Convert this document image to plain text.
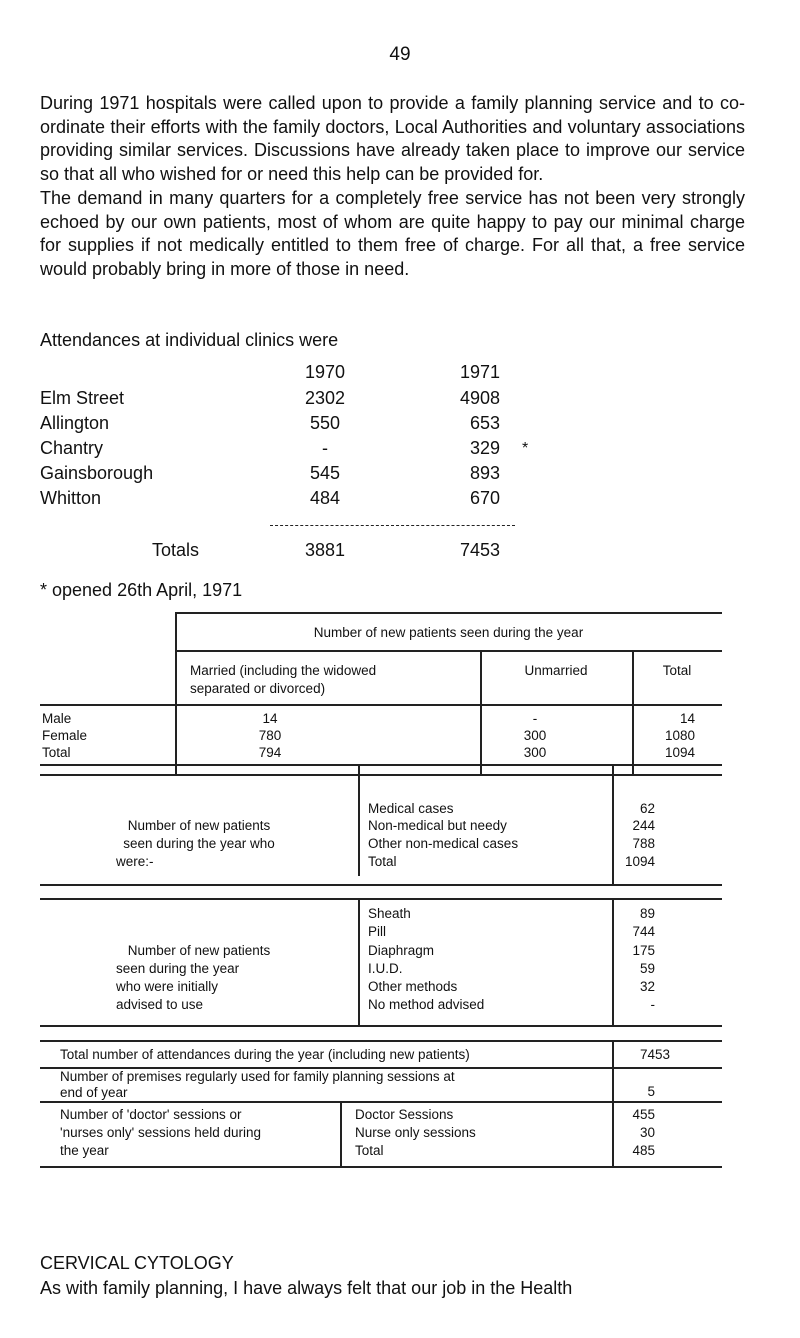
49

During 1971 hospitals were called upon to provide a family planning service and to co-ordinate their efforts with the family doctors, Local Authorities and voluntary associations providing similar services. Discussions have already taken place to improve our service so that all who wished for or need this help can be provided for.

The demand in many quarters for a completely free service has not been very strongly echoed by our own patients, most of whom are quite happy to pay our minimal charge for supplies if not medically entitled to them free of charge. For all that, a free service would probably bring in more of those in need.

Attendances at individual clinics were
1970	1971
Elm Street	2302	4908
Allington	550	653
Chantry	-	329 *
Gainsborough	545	893
Whitton	484	670
Totals	3881	7453
* opened 26th April, 1971
Number of new patients seen during the year
Married (including the widowed
separated or divorced)
Unmarried	Total
Male	14	-	14
Female	780	300	1080
Total	794	300	1094
Number of new patients
seen during the year who
were:-
Medical cases	62
Non-medical but needy	244
Other non-medical cases	788
Total	1094
Number of new patients
seen during the year
who were initially
advised to use
Sheath	89
Pill	744
Diaphragm	175
I.U.D.	59
Other methods	32
No method advised	-
Total number of attendances during the year (including new patients)	7453
Number of premises regularly used for family planning sessions at
end of year	5
Number of 'doctor' sessions or
'nurses only' sessions held during
the year
Doctor Sessions	455
Nurse only sessions	30
Total	485
CERVICAL CYTOLOGY
As with family planning, I have always felt that our job in the Health
